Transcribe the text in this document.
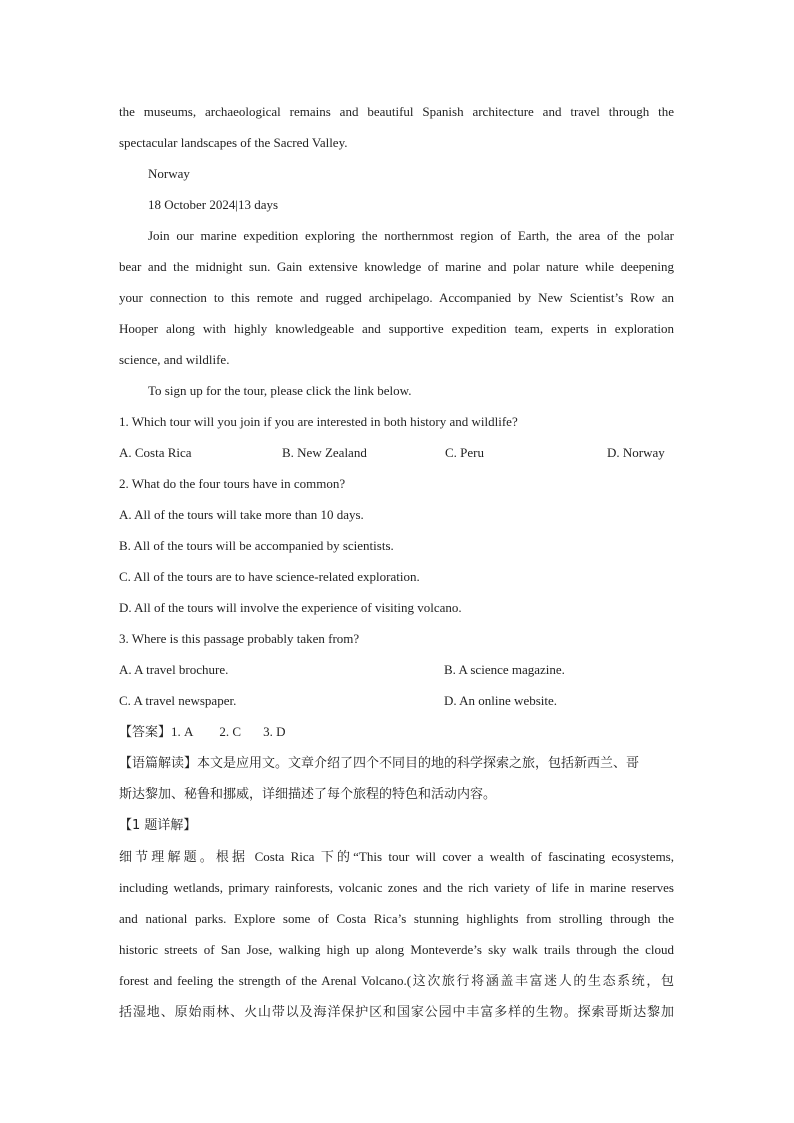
the museums, archaeological remains and beautiful Spanish architecture and travel through the

spectacular landscapes of the Sacred Valley.

Norway

18 October 2024|13 days

Join our marine expedition exploring the northernmost region of Earth, the area of the polar

bear and the midnight sun. Gain extensive knowledge of marine and polar nature while deepening

your connection to this remote and rugged archipelago. Accompanied by New Scientist’s Row an

Hooper along with highly knowledgeable and supportive expedition team, experts in exploration

science, and wildlife.

To sign up for the tour, please click the link below.

1. Which tour will you join if you are interested in both history and wildlife?

A. Costa Rica	B. New Zealand	C. Peru	D. Norway

2. What do the four tours have in common?

A. All of the tours will take more than 10 days.

B. All of the tours will be accompanied by scientists.

C. All of the tours are to have science-related exploration.

D. All of the tours will involve the experience of visiting volcano.

3. Where is this passage probably taken from?

A. A travel brochure.	B. A science magazine.
C. A travel newspaper.	D. An online website.

【答案】1. A 2. C 3. D

【语篇解读】本文是应用文。文章介绍了四个不同目的地的科学探索之旅，包括新西兰、哥

斯达黎加、秘鲁和挪威，详细描述了每个旅程的特色和活动内容。

【1 题详解】

细节理解题。根据 Costa Rica 下的“This tour will cover a wealth of fascinating ecosystems,

including wetlands, primary rainforests, volcanic zones and the rich variety of life in marine reserves

and national parks. Explore some of Costa Rica’s stunning highlights from strolling through the

historic streets of San Jose, walking high up along Monteverde’s sky walk trails through the cloud

forest and feeling the strength of the Arenal Volcano.(这次旅行将涵盖丰富迷人的生态系统，包

括湿地、原始雨林、火山带以及海洋保护区和国家公园中丰富多样的生物。探索哥斯达黎加
